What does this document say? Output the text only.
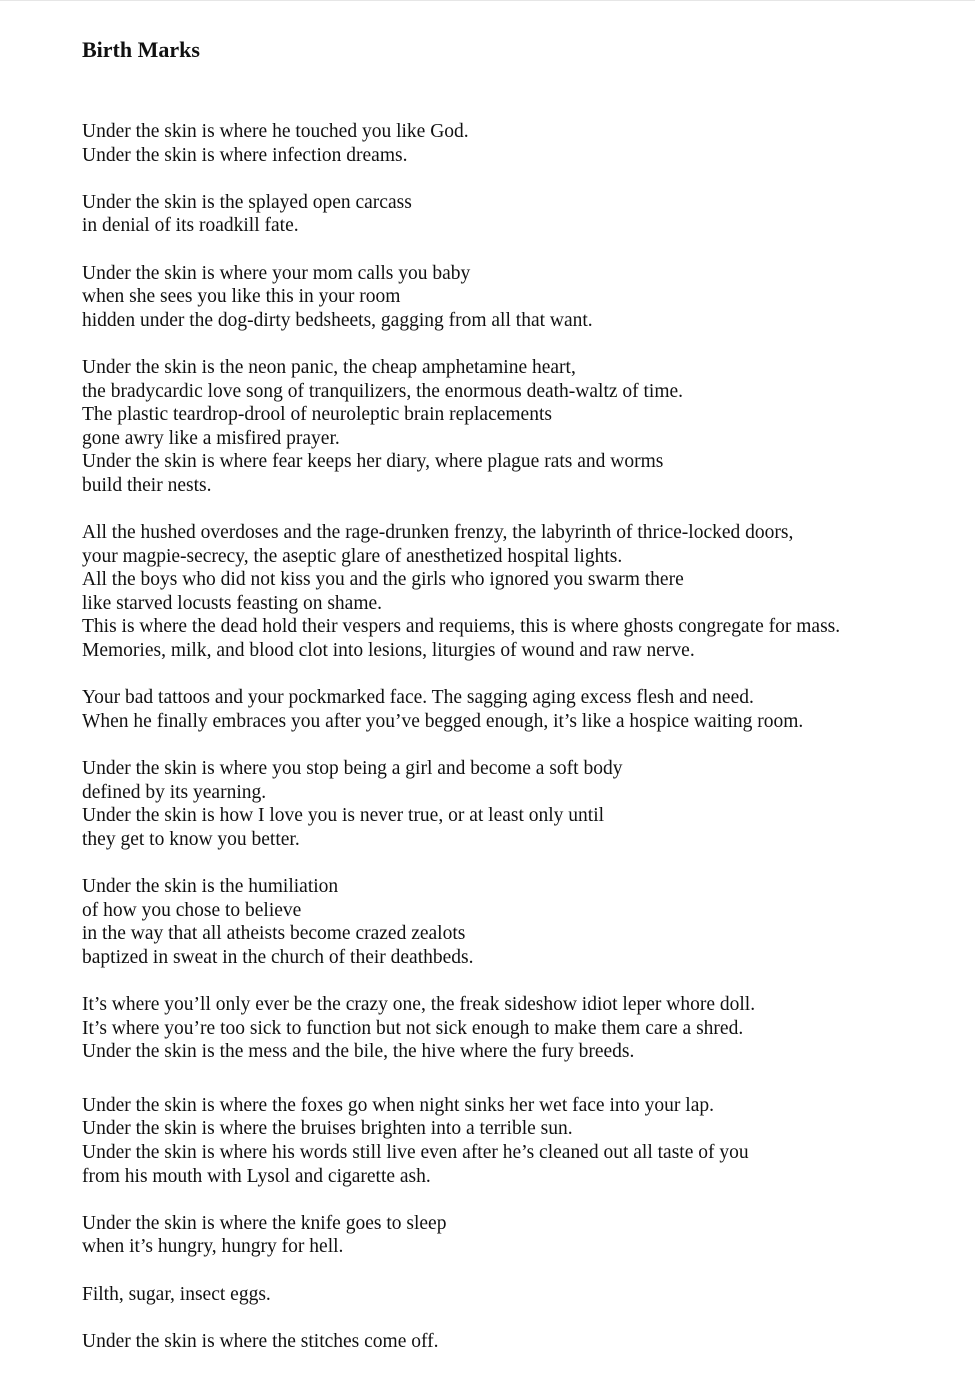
Birth Marks

Under the skin is where he touched you like God.
Under the skin is where infection dreams.

Under the skin is the splayed open carcass
in denial of its roadkill fate.

Under the skin is where your mom calls you baby
when she sees you like this in your room
hidden under the dog-dirty bedsheets, gagging from all that want.

Under the skin is the neon panic, the cheap amphetamine heart,
the bradycardic love song of tranquilizers, the enormous death-waltz of time.
The plastic teardrop-drool of neuroleptic brain replacements
gone awry like a misfired prayer.
Under the skin is where fear keeps her diary, where plague rats and worms
build their nests.

All the hushed overdoses and the rage-drunken frenzy, the labyrinth of thrice-locked doors,
your magpie-secrecy, the aseptic glare of anesthetized hospital lights.
All the boys who did not kiss you and the girls who ignored you swarm there
like starved locusts feasting on shame.
This is where the dead hold their vespers and requiems, this is where ghosts congregate for mass.
Memories, milk, and blood clot into lesions, liturgies of wound and raw nerve.

Your bad tattoos and your pockmarked face. The sagging aging excess flesh and need.
When he finally embraces you after you’ve begged enough, it’s like a hospice waiting room.

Under the skin is where you stop being a girl and become a soft body
defined by its yearning.
Under the skin is how I love you is never true, or at least only until
they get to know you better.

Under the skin is the humiliation
of how you chose to believe
in the way that all atheists become crazed zealots
baptized in sweat in the church of their deathbeds.

It’s where you’ll only ever be the crazy one, the freak sideshow idiot leper whore doll.
It’s where you’re too sick to function but not sick enough to make them care a shred.
Under the skin is the mess and the bile, the hive where the fury breeds.

Under the skin is where the foxes go when night sinks her wet face into your lap.
Under the skin is where the bruises brighten into a terrible sun.
Under the skin is where his words still live even after he’s cleaned out all taste of you
from his mouth with Lysol and cigarette ash.

Under the skin is where the knife goes to sleep
when it’s hungry, hungry for hell.

Filth, sugar, insect eggs.

Under the skin is where the stitches come off.
